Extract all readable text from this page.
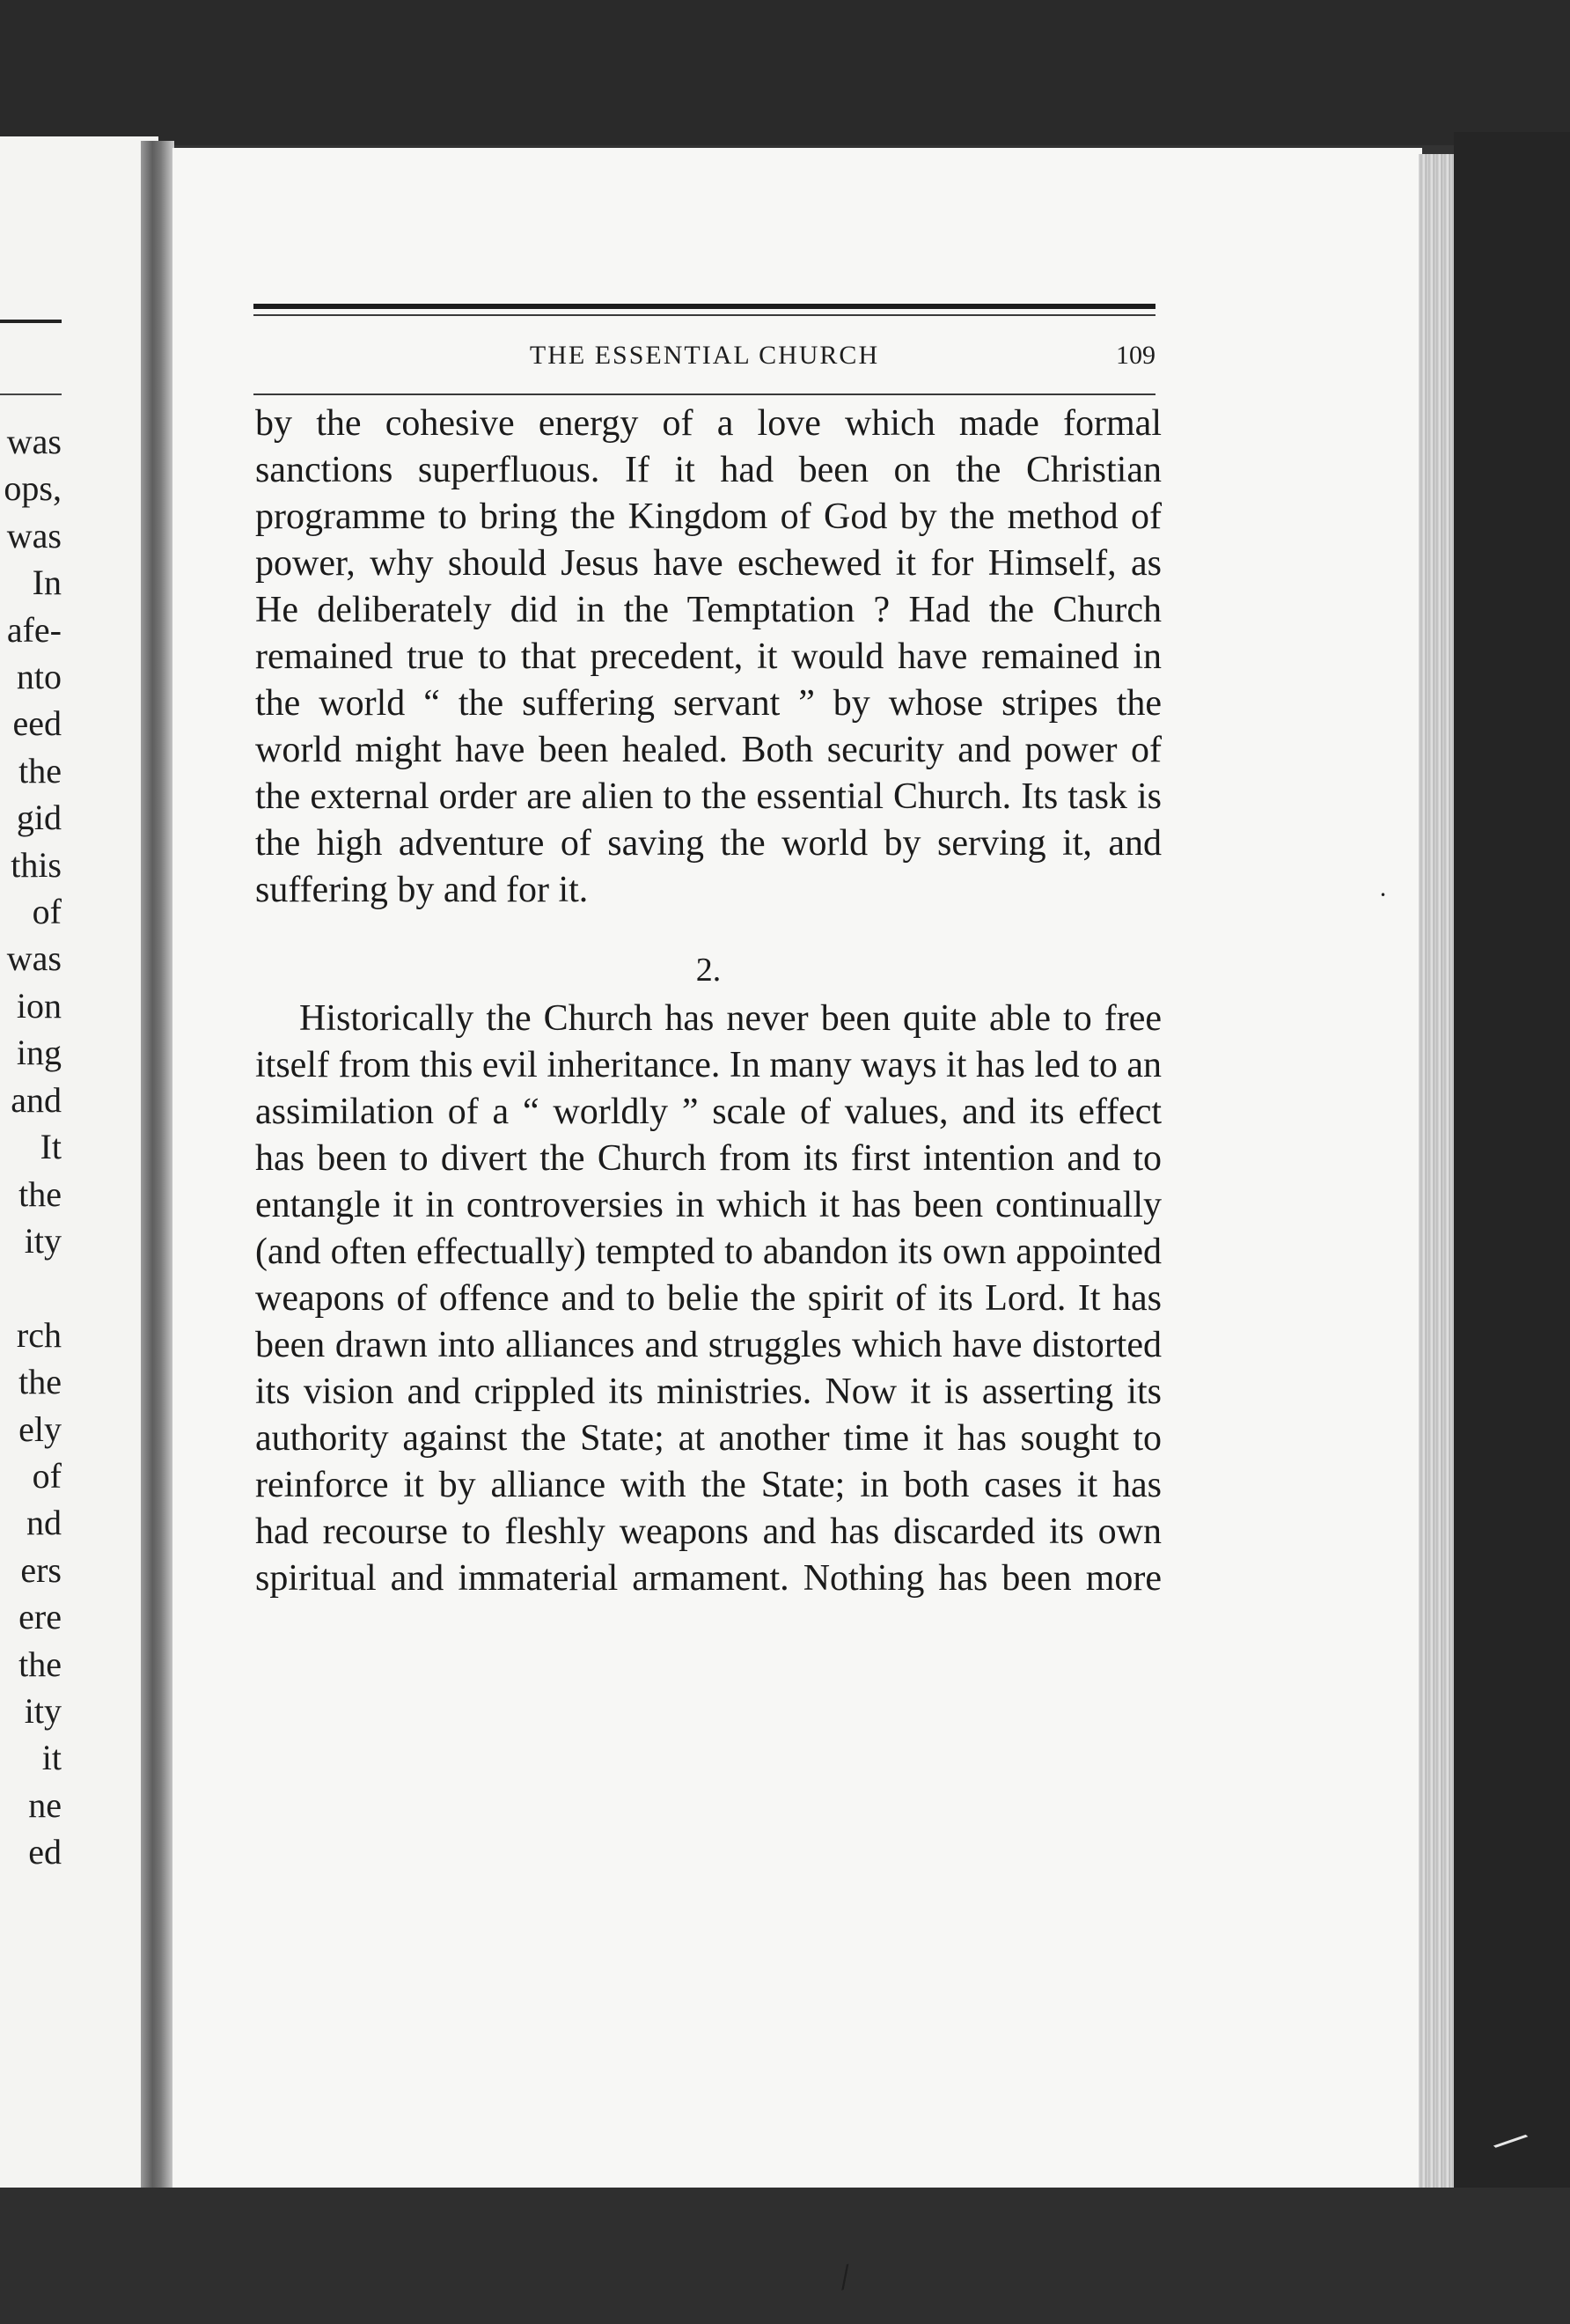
was
ops,
was
In
afe-
nto
eed
the
gid
this
of
was
ion
ing
and
It
the
ity

rch
the
ely
of
nd
ers
ere
the
ity
it
ne
ed
THE ESSENTIAL CHURCH	109

by the cohesive energy of a love which made formal sanctions superfluous. If it had been on the Christian programme to bring the Kingdom of God by the method of power, why should Jesus have eschewed it for Himself, as He deliberately did in the Temptation ? Had the Church remained true to that precedent, it would have remained in the world “ the suffering servant ” by whose stripes the world might have been healed. Both security and power of the external order are alien to the essential Church. Its task is the high adventure of saving the world by serving it, and suffering by and for it.

2.

Historically the Church has never been quite able to free itself from this evil inheritance. In many ways it has led to an assimilation of a “ worldly ” scale of values, and its effect has been to divert the Church from its first intention and to entangle it in controversies in which it has been continually (and often effectually) tempted to abandon its own appointed weapons of offence and to belie the spirit of its Lord. It has been drawn into alliances and struggles which have distorted its vision and crippled its ministries. Now it is asserting its authority against the State; at another time it has sought to reinforce it by alliance with the State; in both cases it has had recourse to fleshly weapons and has discarded its own spiritual and immaterial armament. Nothing has been more

•
⁄
⁄
